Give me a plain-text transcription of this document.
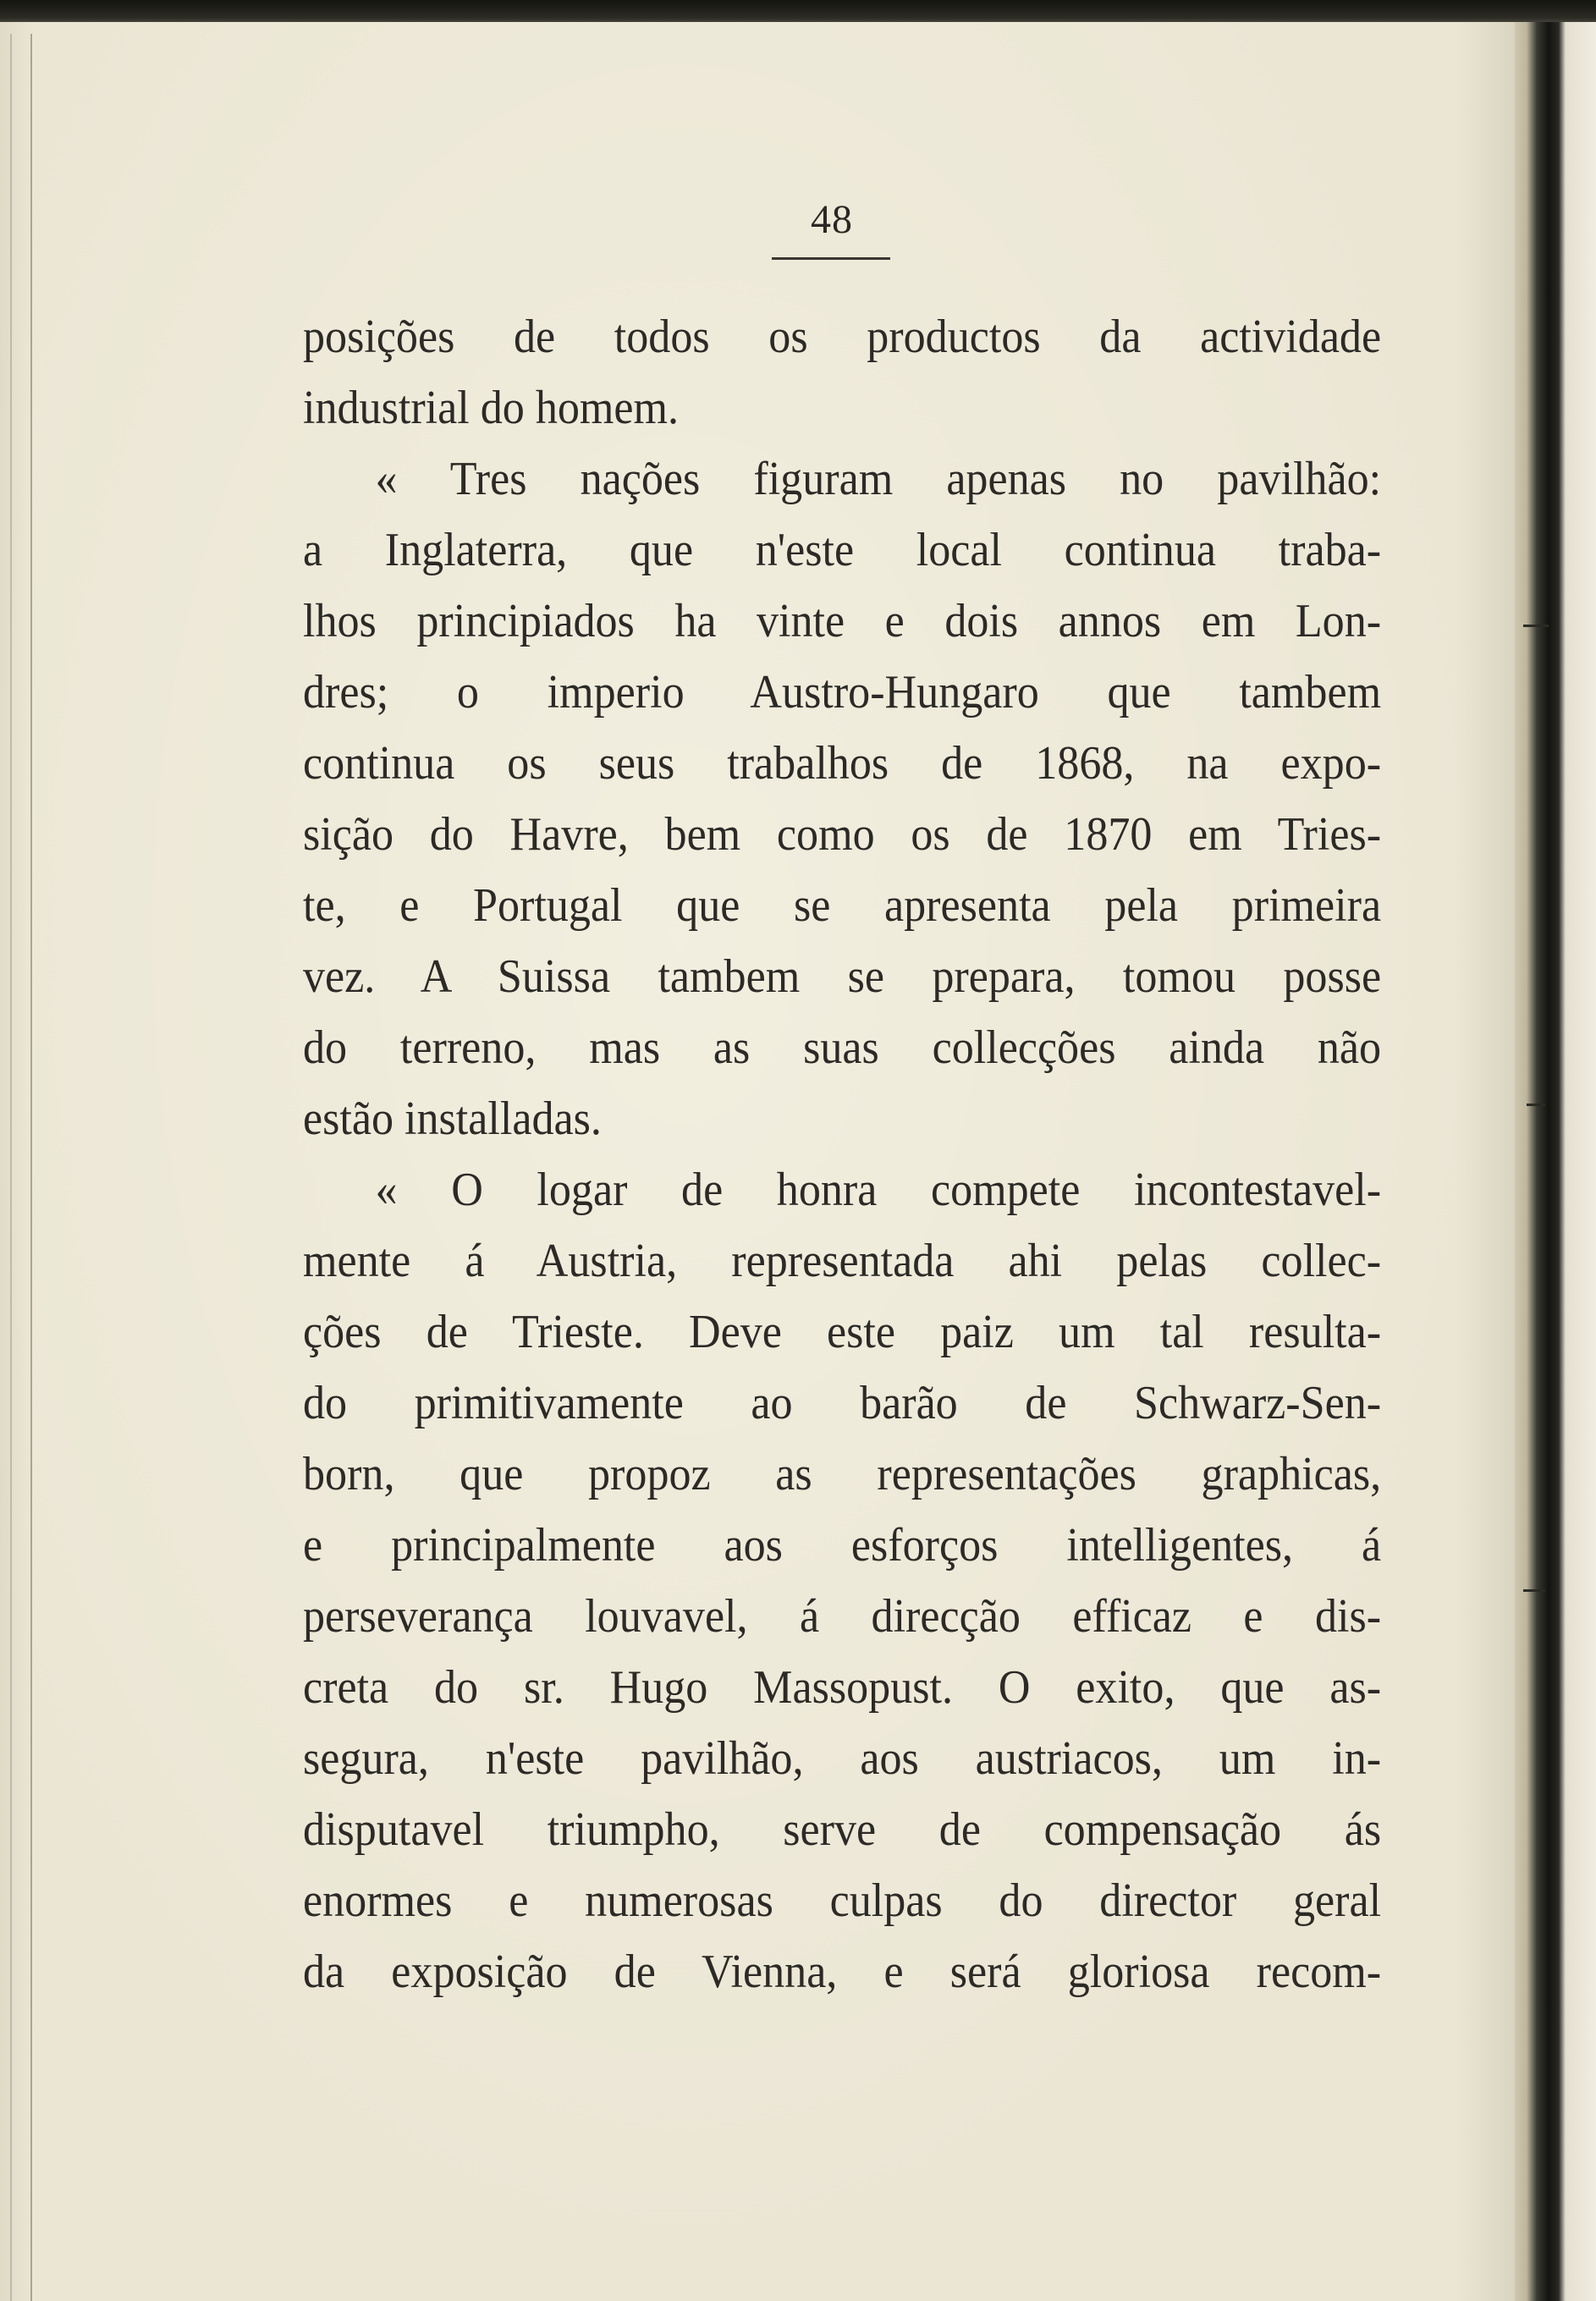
48
posições de todos os productos da actividade
industrial do homem.
« Tres nações figuram apenas no pavilhão:
a Inglaterra, que n'este local continua traba-
lhos principiados ha vinte e dois annos em Lon-
dres; o imperio Austro-Hungaro que tambem
continua os seus trabalhos de 1868, na expo-
sição do Havre, bem como os de 1870 em Tries-
te, e Portugal que se apresenta pela primeira
vez. A Suissa tambem se prepara, tomou posse
do terreno, mas as suas collecções ainda não
estão installadas.
« O logar de honra compete incontestavel-
mente á Austria, representada ahi pelas collec-
ções de Trieste. Deve este paiz um tal resulta-
do primitivamente ao barão de Schwarz-Sen-
born, que propoz as representações graphicas,
e principalmente aos esforços intelligentes, á
perseverança louvavel, á direcção efficaz e dis-
creta do sr. Hugo Massopust. O exito, que as-
segura, n'este pavilhão, aos austriacos, um in-
disputavel triumpho, serve de compensação ás
enormes e numerosas culpas do director geral
da exposição de Vienna, e será gloriosa recom-
